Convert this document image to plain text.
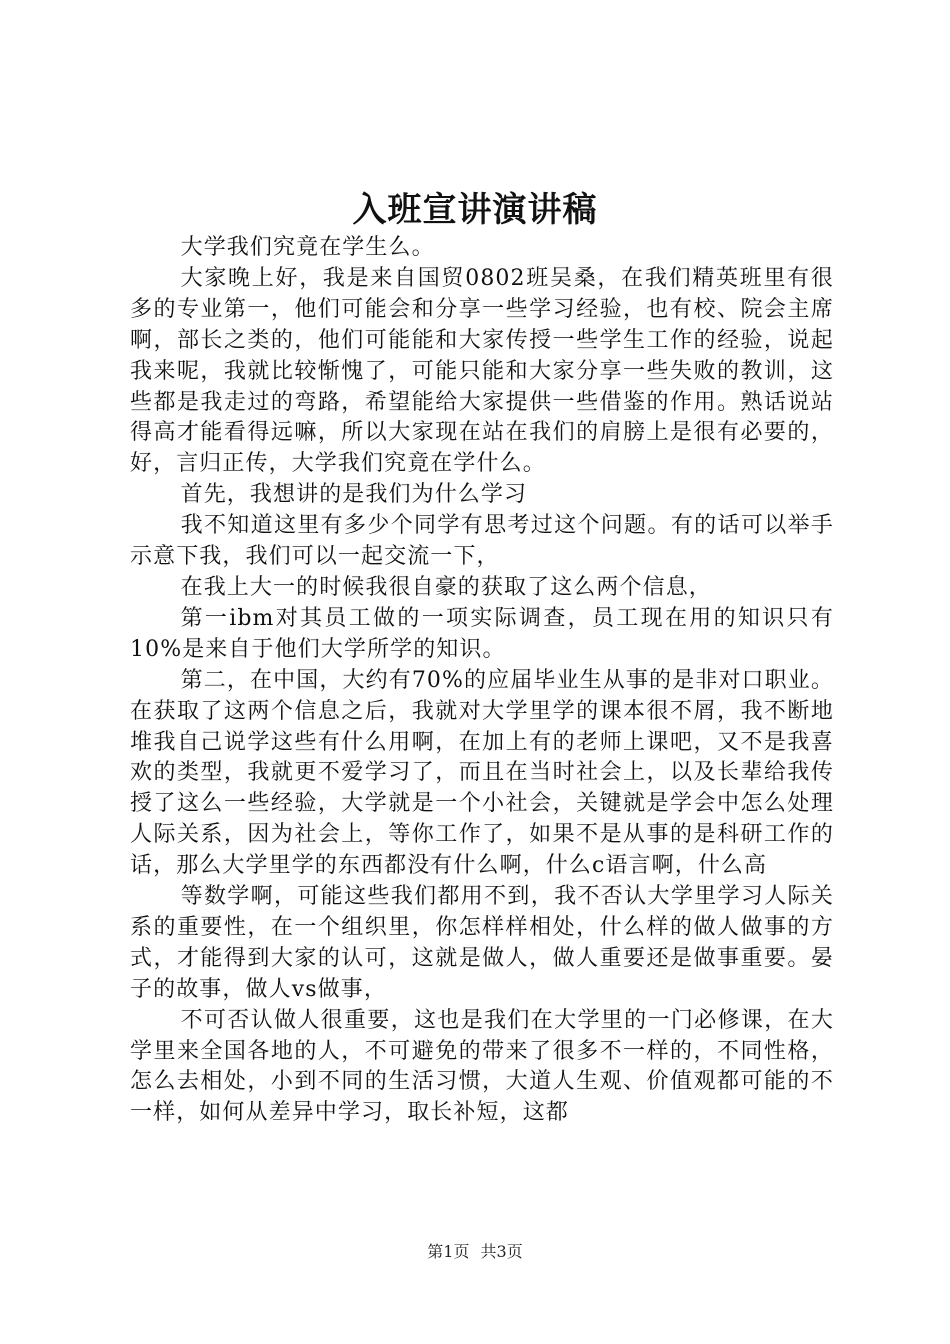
入班宣讲演讲稿

大学我们究竟在学生么。

大家晚上好，我是来自国贸0802班吴桑，在我们精英班里有很多的专业第一，他们可能会和分享一些学习经验，也有校、院会主席啊，部长之类的，他们可能能和大家传授一些学生工作的经验，说起我来呢，我就比较惭愧了，可能只能和大家分享一些失败的教训，这些都是我走过的弯路，希望能给大家提供一些借鉴的作用。熟话说站得高才能看得远嘛，所以大家现在站在我们的肩膀上是很有必要的，好，言归正传，大学我们究竟在学什么。

首先，我想讲的是我们为什么学习

我不知道这里有多少个同学有思考过这个问题。有的话可以举手示意下我，我们可以一起交流一下，

在我上大一的时候我很自豪的获取了这么两个信息，

第一ibm对其员工做的一项实际调查，员工现在用的知识只有10%是来自于他们大学所学的知识。

第二，在中国，大约有70%的应届毕业生从事的是非对口职业。在获取了这两个信息之后，我就对大学里学的课本很不屑，我不断地堆我自己说学这些有什么用啊，在加上有的老师上课吧，又不是我喜欢的类型，我就更不爱学习了，而且在当时社会上，以及长辈给我传授了这么一些经验，大学就是一个小社会，关键就是学会中怎么处理人际关系，因为社会上，等你工作了，如果不是从事的是科研工作的话，那么大学里学的东西都没有什么啊，什么c语言啊，什么高

等数学啊，可能这些我们都用不到，我不否认大学里学习人际关系的重要性，在一个组织里，你怎样样相处，什么样的做人做事的方式，才能得到大家的认可，这就是做人，做人重要还是做事重要。晏子的故事，做人vs做事，

不可否认做人很重要，这也是我们在大学里的一门必修课，在大学里来全国各地的人，不可避免的带来了很多不一样的，不同性格，怎么去相处，小到不同的生活习惯，大道人生观、价值观都可能的不一样，如何从差异中学习，取长补短，这都

第1页 共3页
